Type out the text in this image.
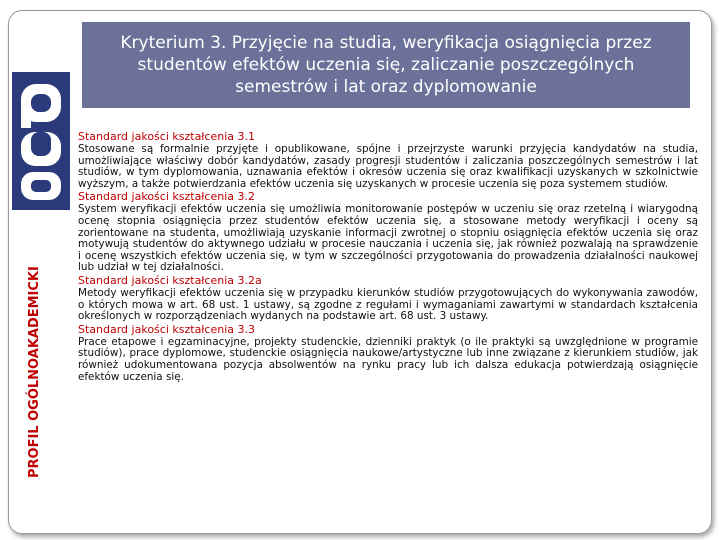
PROFIL OGÓLNOAKADEMICKI
Kryterium 3. Przyjęcie na studia, weryfikacja osiągnięcia przez studentów efektów uczenia się, zaliczanie poszczególnych semestrów i lat oraz dyplomowanie
Standard jakości kształcenia 3.1

Stosowane są formalnie przyjęte i opublikowane, spójne i przejrzyste warunki przyjęcia kandydatów na studia, umożliwiające właściwy dobór kandydatów, zasady progresji studentów i zaliczania poszczególnych semestrów i lat studiów, w tym dyplomowania, uznawania efektów i okresów uczenia się oraz kwalifikacji uzyskanych w szkolnictwie wyższym, a także potwierdzania efektów uczenia się uzyskanych w procesie uczenia się poza systemem studiów.

Standard jakości kształcenia 3.2

System weryfikacji efektów uczenia się umożliwia monitorowanie postępów w uczeniu się oraz rzetelną i wiarygodną ocenę stopnia osiągnięcia przez studentów efektów uczenia się, a stosowane metody weryfikacji i oceny są zorientowane na studenta, umożliwiają uzyskanie informacji zwrotnej o stopniu osiągnięcia efektów uczenia się oraz motywują studentów do aktywnego udziału w procesie nauczania i uczenia się, jak również pozwalają na sprawdzenie i ocenę wszystkich efektów uczenia się, w tym w szczególności przygotowania do prowadzenia działalności naukowej lub udział w tej działalności.

Standard jakości kształcenia 3.2a

Metody weryfikacji efektów uczenia się w przypadku kierunków studiów przygotowujących do wykonywania zawodów, o których mowa w art. 68 ust. 1 ustawy, są zgodne z regułami i wymaganiami zawartymi w standardach kształcenia określonych w rozporządzeniach wydanych na podstawie art. 68 ust. 3 ustawy.

Standard jakości kształcenia 3.3

Prace etapowe i egzaminacyjne, projekty studenckie, dzienniki praktyk (o ile praktyki są uwzględnione w programie studiów), prace dyplomowe, studenckie osiągnięcia naukowe/artystyczne lub inne związane z kierunkiem studiów, jak również udokumentowana pozycja absolwentów na rynku pracy lub ich dalsza edukacja potwierdzają osiągnięcie efektów uczenia się.
